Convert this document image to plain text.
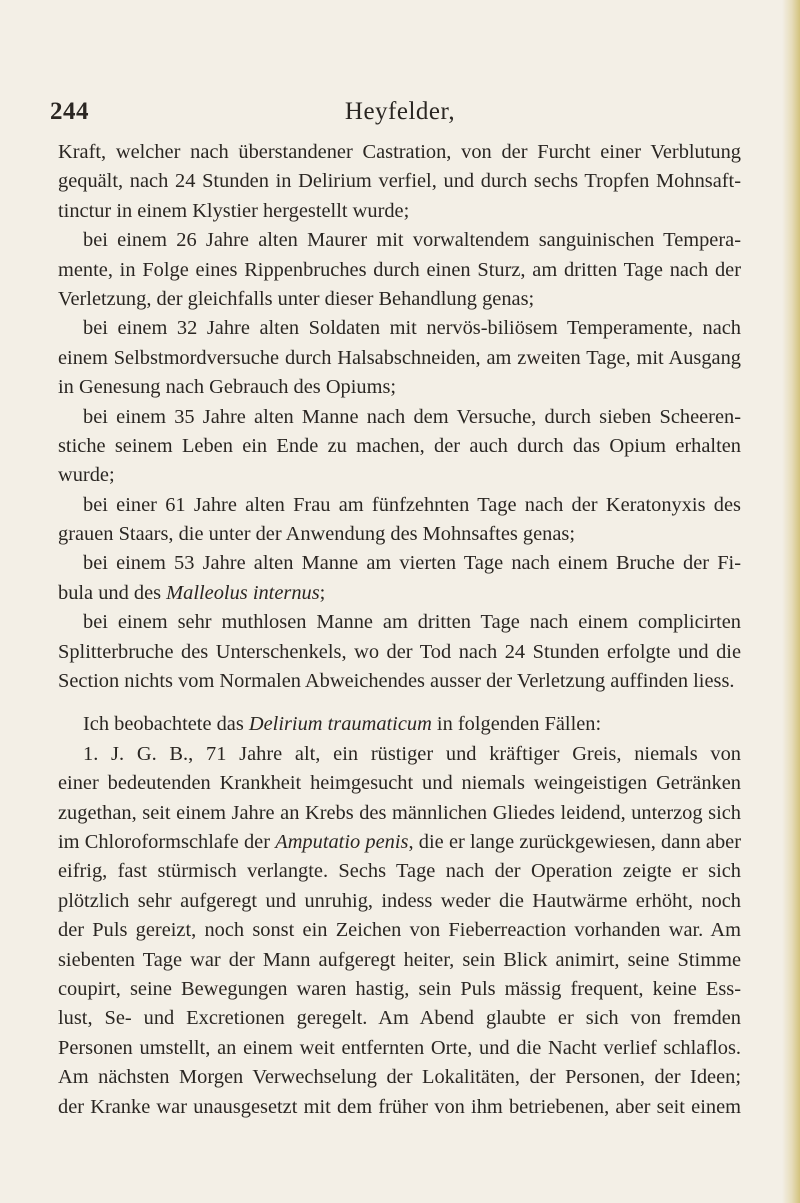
244	Heyfelder,
Kraft, welcher nach überstandener Castration, von der Furcht einer Verblutung
gequält, nach 24 Stunden in Delirium verfiel, und durch sechs Tropfen Mohnsaft-
tinctur in einem Klystier hergestellt wurde;
bei einem 26 Jahre alten Maurer mit vorwaltendem sanguinischen Tempera-
mente, in Folge eines Rippenbruches durch einen Sturz, am dritten Tage nach der
Verletzung, der gleichfalls unter dieser Behandlung genas;
bei einem 32 Jahre alten Soldaten mit nervös-biliösem Temperamente, nach
einem Selbstmordversuche durch Halsabschneiden, am zweiten Tage, mit Ausgang
in Genesung nach Gebrauch des Opiums;
bei einem 35 Jahre alten Manne nach dem Versuche, durch sieben Scheeren-
stiche seinem Leben ein Ende zu machen, der auch durch das Opium erhalten
wurde;
bei einer 61 Jahre alten Frau am fünfzehnten Tage nach der Keratonyxis des
grauen Staars, die unter der Anwendung des Mohnsaftes genas;
bei einem 53 Jahre alten Manne am vierten Tage nach einem Bruche der Fi-
bula und des Malleolus internus;
bei einem sehr muthlosen Manne am dritten Tage nach einem complicirten
Splitterbruche des Unterschenkels, wo der Tod nach 24 Stunden erfolgte und die
Section nichts vom Normalen Abweichendes ausser der Verletzung auffinden liess.
Ich beobachtete das Delirium traumaticum in folgenden Fällen:
1. J. G. B., 71 Jahre alt, ein rüstiger und kräftiger Greis, niemals von
einer bedeutenden Krankheit heimgesucht und niemals weingeistigen Getränken
zugethan, seit einem Jahre an Krebs des männlichen Gliedes leidend, unterzog sich
im Chloroformschlafe der Amputatio penis, die er lange zurückgewiesen, dann aber
eifrig, fast stürmisch verlangte. Sechs Tage nach der Operation zeigte er sich
plötzlich sehr aufgeregt und unruhig, indess weder die Hautwärme erhöht, noch
der Puls gereizt, noch sonst ein Zeichen von Fieberreaction vorhanden war. Am
siebenten Tage war der Mann aufgeregt heiter, sein Blick animirt, seine Stimme
coupirt, seine Bewegungen waren hastig, sein Puls mässig frequent, keine Ess-
lust, Se- und Excretionen geregelt. Am Abend glaubte er sich von fremden
Personen umstellt, an einem weit entfernten Orte, und die Nacht verlief schlaflos.
Am nächsten Morgen Verwechselung der Lokalitäten, der Personen, der Ideen;
der Kranke war unausgesetzt mit dem früher von ihm betriebenen, aber seit einem
